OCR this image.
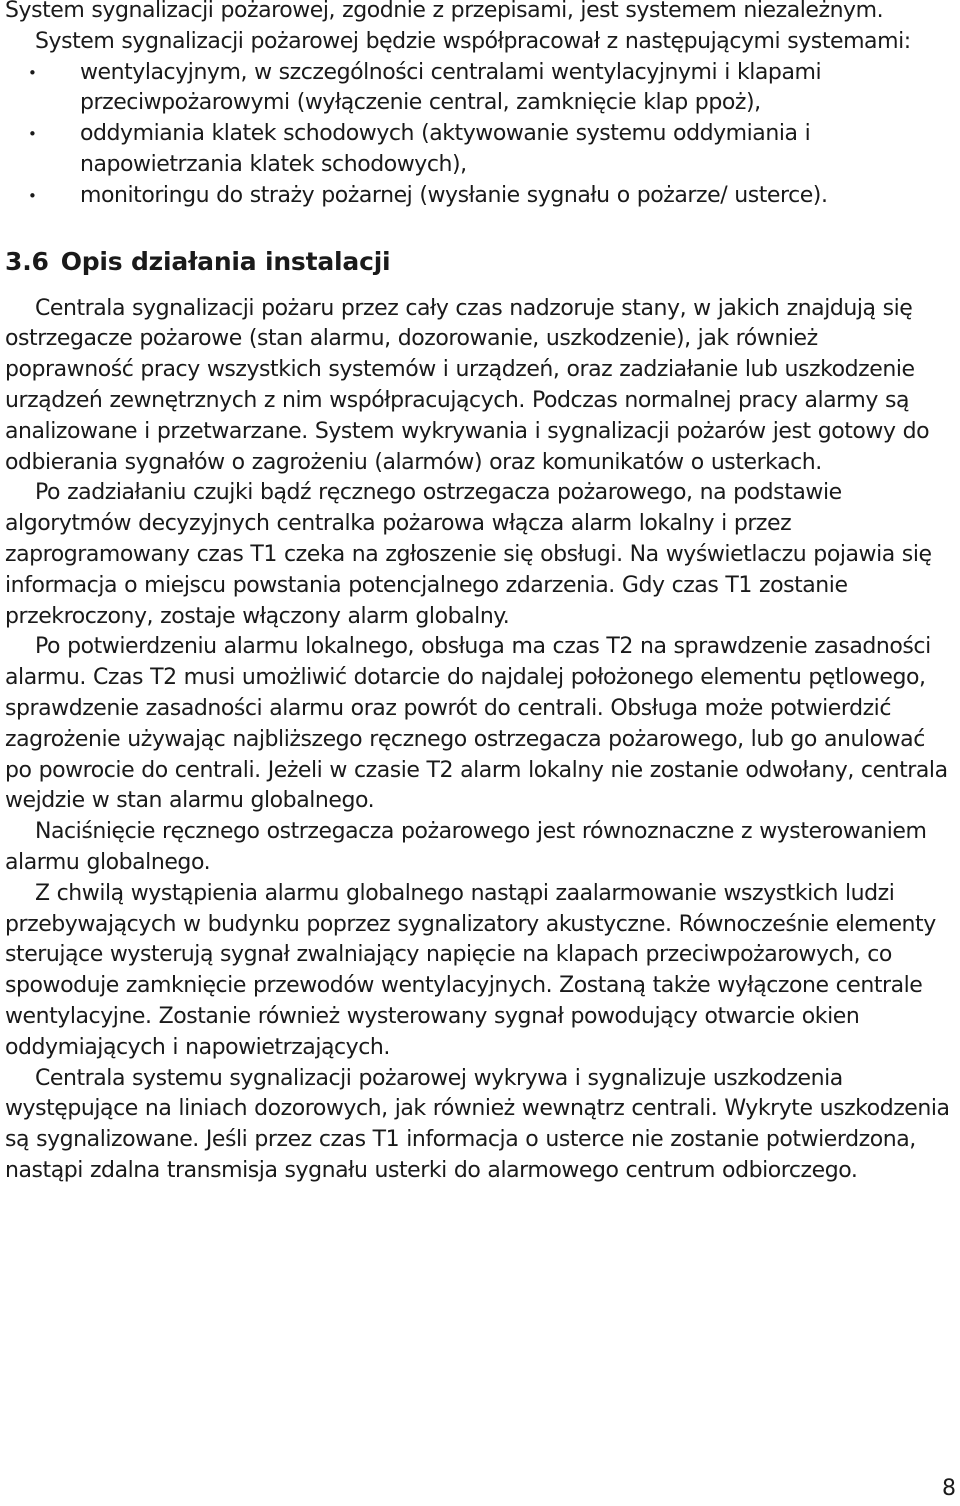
System sygnalizacji pożarowej, zgodnie z przepisami, jest systemem niezależnym.

System sygnalizacji pożarowej będzie współpracował z następującymi systemami:

• wentylacyjnym, w szczególności centralami wentylacyjnymi i klapami przeciwpożarowymi (wyłączenie central, zamknięcie klap ppoż),
• oddymiania klatek schodowych (aktywowanie systemu oddymiania i napowietrzania klatek schodowych),
• monitoringu do straży pożarnej (wysłanie sygnału o pożarze/ usterce).
3.6 Opis działania instalacji

Centrala sygnalizacji pożaru przez cały czas nadzoruje stany, w jakich znajdują się ostrzegacze pożarowe (stan alarmu, dozorowanie, uszkodzenie), jak również poprawność pracy wszystkich systemów i urządzeń, oraz zadziałanie lub uszkodzenie urządzeń zewnętrznych z nim współpracujących. Podczas normalnej pracy alarmy są analizowane i przetwarzane. System wykrywania i sygnalizacji pożarów jest gotowy do odbierania sygnałów o zagrożeniu (alarmów) oraz komunikatów o usterkach.

Po zadziałaniu czujki bądź ręcznego ostrzegacza pożarowego, na podstawie algorytmów decyzyjnych centralka pożarowa włącza alarm lokalny i przez zaprogramowany czas T1 czeka na zgłoszenie się obsługi. Na wyświetlaczu pojawia się informacja o miejscu powstania potencjalnego zdarzenia. Gdy czas T1 zostanie przekroczony, zostaje włączony alarm globalny.

Po potwierdzeniu alarmu lokalnego, obsługa ma czas T2 na sprawdzenie zasadności alarmu. Czas T2 musi umożliwić dotarcie do najdalej położonego elementu pętlowego, sprawdzenie zasadności alarmu oraz powrót do centrali. Obsługa może potwierdzić zagrożenie używając najbliższego ręcznego ostrzegacza pożarowego, lub go anulować po powrocie do centrali. Jeżeli w czasie T2 alarm lokalny nie zostanie odwołany, centrala wejdzie w stan alarmu globalnego.

Naciśnięcie ręcznego ostrzegacza pożarowego jest równoznaczne z wysterowaniem alarmu globalnego.

Z chwilą wystąpienia alarmu globalnego nastąpi zaalarmowanie wszystkich ludzi przebywających w budynku poprzez sygnalizatory akustyczne. Równocześnie elementy sterujące wysterują sygnał zwalniający napięcie na klapach przeciwpożarowych, co spowoduje zamknięcie przewodów wentylacyjnych. Zostaną także wyłączone centrale wentylacyjne. Zostanie również wysterowany sygnał powodujący otwarcie okien oddymiających i napowietrzających.

Centrala systemu sygnalizacji pożarowej wykrywa i sygnalizuje uszkodzenia występujące na liniach dozorowych, jak również wewnątrz centrali. Wykryte uszkodzenia są sygnalizowane. Jeśli przez czas T1 informacja o usterce nie zostanie potwierdzona, nastąpi zdalna transmisja sygnału usterki do alarmowego centrum odbiorczego.

8
